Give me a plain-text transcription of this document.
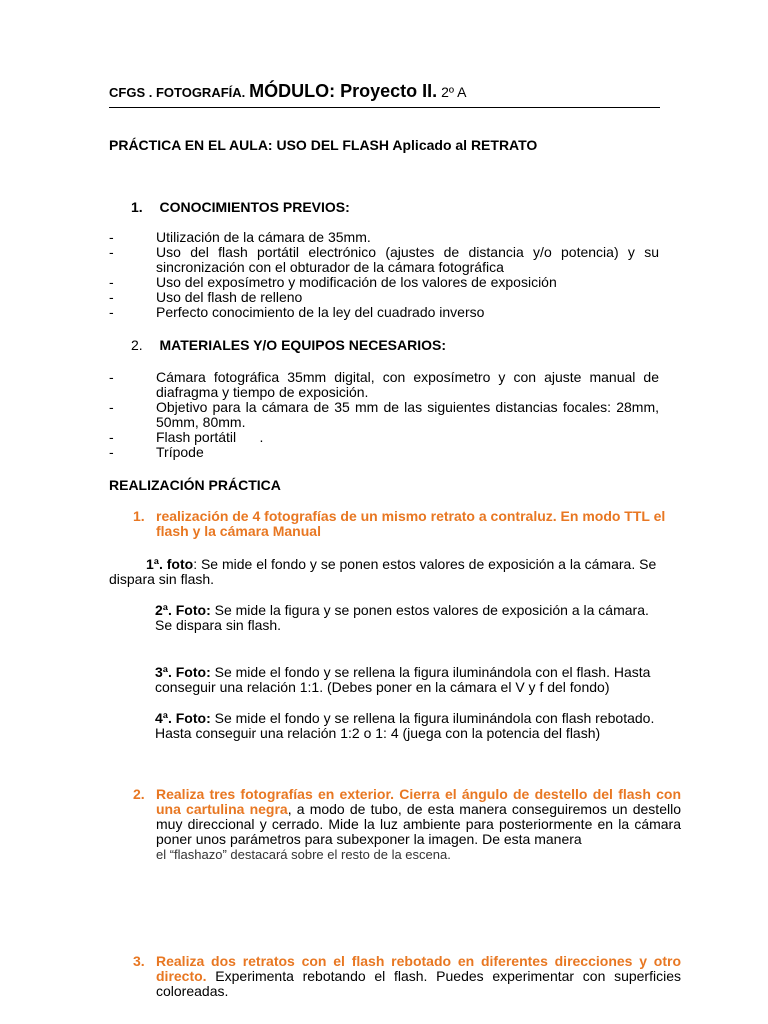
CFGS . FOTOGRAFÍA. MÓDULO: Proyecto II. 2º A
PRÁCTICA EN EL AULA: USO DEL FLASH Aplicado al RETRATO
1. CONOCIMIENTOS PREVIOS:
-	Utilización de la cámara de 35mm.
-	Uso del flash portátil electrónico (ajustes de distancia y/o potencia) y su sincronización con el obturador de la cámara fotográfica
-	Uso del exposímetro y modificación de los valores de exposición
-	Uso del flash de relleno
-	Perfecto conocimiento de la ley del cuadrado inverso
2. MATERIALES Y/O EQUIPOS NECESARIOS:
-	Cámara fotográfica 35mm digital, con exposímetro y con ajuste manual de diafragma y tiempo de exposición.
-	Objetivo para la cámara de 35 mm de las siguientes distancias focales: 28mm, 50mm, 80mm.
-	Flash portátil      .
-	Trípode
REALIZACIÓN PRÁCTICA
1. realización de 4 fotografías de un mismo retrato a contraluz. En modo TTL el flash y la cámara Manual
1ª. foto: Se mide el fondo y se ponen estos valores de exposición a la cámara. Se dispara sin flash.
2ª. Foto: Se mide la figura y se ponen estos valores de exposición a la cámara. Se dispara sin flash.
3ª. Foto: Se mide el fondo y se rellena la figura iluminándola con el flash. Hasta conseguir una relación 1:1. (Debes poner en la cámara el V y f del fondo)
4ª. Foto: Se mide el fondo y se rellena la figura iluminándola con flash rebotado. Hasta conseguir una relación 1:2 o 1: 4 (juega con la potencia del flash)
2. Realiza tres fotografías en exterior. Cierra el ángulo de destello del flash con una cartulina negra, a modo de tubo, de esta manera conseguiremos un destello muy direccional y cerrado. Mide la luz ambiente para posteriormente en la cámara poner unos parámetros para subexponer la imagen. De esta manera
el “flashazo” destacará sobre el resto de la escena.
3. Realiza dos retratos con el flash rebotado en diferentes direcciones y otro directo. Experimenta rebotando el flash. Puedes experimentar con superficies coloreadas.
